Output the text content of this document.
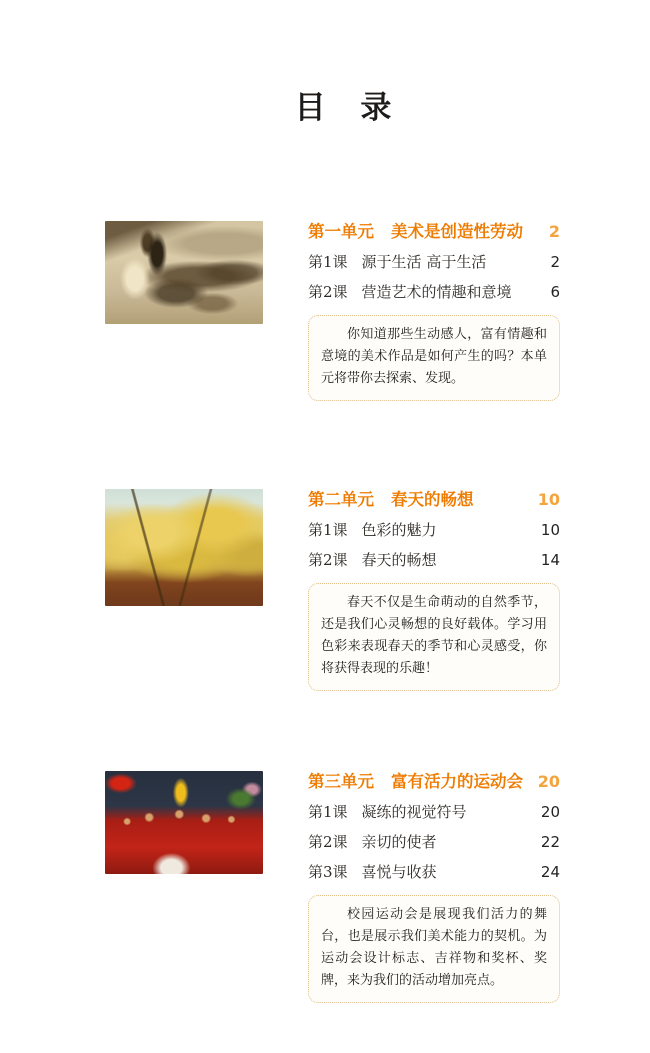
目 录
第一单元 美术是创造性劳动 2
第1课 源于生活 高于生活	2
第2课 营造艺术的情趣和意境	6

你知道那些生动感人，富有情趣和意境的美术作品是如何产生的吗？本单元将带你去探索、发现。

第二单元 春天的畅想	10
第1课 色彩的魅力	10
第2课 春天的畅想	14

春天不仅是生命萌动的自然季节，还是我们心灵畅想的良好载体。学习用色彩来表现春天的季节和心灵感受，你将获得表现的乐趣！

第三单元 富有活力的运动会 20
第1课 凝练的视觉符号	20
第2课 亲切的使者	22
第3课 喜悦与收获	24

校园运动会是展现我们活力的舞台，也是展示我们美术能力的契机。为运动会设计标志、吉祥物和奖杯、奖牌，来为我们的活动增加亮点。
